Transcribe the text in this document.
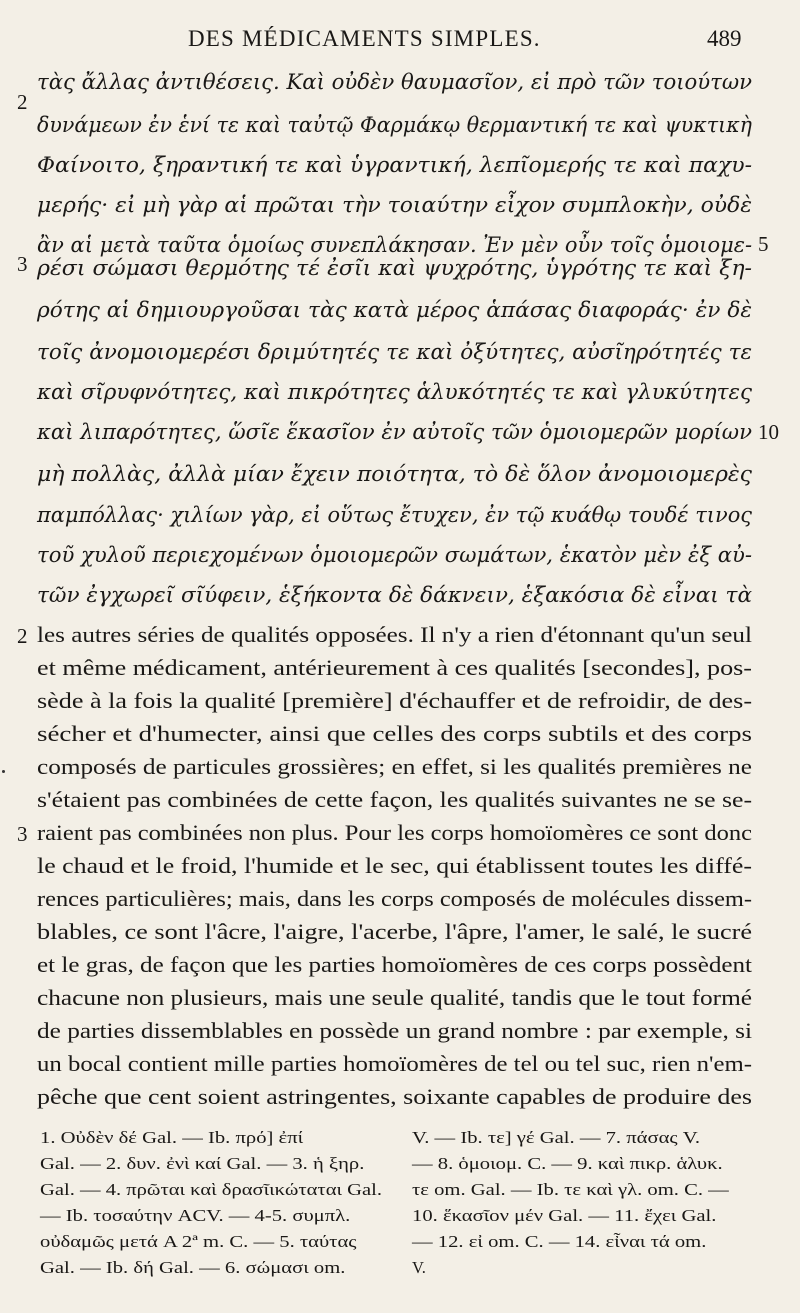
DES MÉDICAMENTS SIMPLES.	489
τὰς ἄλλας ἀντιθέσεις. Καὶ οὐδὲν θαυμασῖον, εἰ πρὸ τῶν τοιούτων
δυνάμεων ἐν ἑνί τε καὶ ταὐτῷ Φαρμάκῳ θερμαντική τε καὶ ψυκτικὴ
Φαίνοιτο, ξηραντική τε καὶ ὑγραντική, λεπῖομερής τε καὶ παχυ-
μερής· εἰ μὴ γὰρ αἱ πρῶται τὴν τοιαύτην εἶχον συμπλοκὴν, οὐδὲ
ἂν αἱ μετὰ ταῦτα ὁμοίως συνεπλάκησαν. Ἐν μὲν οὖν τοῖς ὁμοιομε-
ρέσι σώμασι θερμότης τέ ἐσῖι καὶ ψυχρότης, ὑγρότης τε καὶ ξη-
ρότης αἱ δημιουργοῦσαι τὰς κατὰ μέρος ἁπάσας διαφοράς· ἐν δὲ
τοῖς ἀνομοιομερέσι δριμύτητές τε καὶ ὀξύτητες, αὐσῖηρότητές τε
καὶ σῖρυφνότητες, καὶ πικρότητες ἁλυκότητές τε καὶ γλυκύτητες
καὶ λιπαρότητες, ὥσῖε ἕκασῖον ἐν αὐτοῖς τῶν ὁμοιομερῶν μορίων
μὴ πολλὰς, ἀλλὰ μίαν ἔχειν ποιότητα, τὸ δὲ ὅλον ἀνομοιομερὲς
παμπόλλας· χιλίων γὰρ, εἰ οὕτως ἔτυχεν, ἐν τῷ κυάθῳ τουδέ τινος
τοῦ χυλοῦ περιεχομένων ὁμοιομερῶν σωμάτων, ἑκατὸν μὲν ἐξ αὐ-
τῶν ἐγχωρεῖ σῖύφειν, ἑξήκοντα δὲ δάκνειν, ἑξακόσια δὲ εἶναι τὰ
2
3
5
10
les autres séries de qualités opposées. Il n'y a rien d'étonnant qu'un seul
et même médicament, antérieurement à ces qualités [secondes], pos-
sède à la fois la qualité [première] d'échauffer et de refroidir, de des-
sécher et d'humecter, ainsi que celles des corps subtils et des corps
composés de particules grossières; en effet, si les qualités premières ne
s'étaient pas combinées de cette façon, les qualités suivantes ne se se-
raient pas combinées non plus. Pour les corps homoïomères ce sont donc
le chaud et le froid, l'humide et le sec, qui établissent toutes les diffé-
rences particulières; mais, dans les corps composés de molécules dissem-
blables, ce sont l'âcre, l'aigre, l'acerbe, l'âpre, l'amer, le salé, le sucré
et le gras, de façon que les parties homoïomères de ces corps possèdent
chacune non plusieurs, mais une seule qualité, tandis que le tout formé
de parties dissemblables en possède un grand nombre : par exemple, si
un bocal contient mille parties homoïomères de tel ou tel suc, rien n'em-
pêche que cent soient astringentes, soixante capables de produire des
2
3
1. Οὐδὲν δέ Gal. — Ib. πρό] ἐπί
Gal. — 2. δυν. ἐνὶ καί Gal. — 3. ἡ ξηρ.
Gal. — 4. πρῶται καὶ δρασῖικώταται Gal.
— Ib. τοσαύτην ACV. — 4-5. συμπλ.
οὐδαμῶς μετά A 2ª m. C. — 5. ταύτας
Gal. — Ib. δή Gal. — 6. σώμασι om.
V. — Ib. τε] γέ Gal. — 7. πάσας V.
— 8. ὁμοιομ. C. — 9. καὶ πικρ. ἁλυκ.
τε om. Gal. — Ib. τε καὶ γλ. om. C. —
10. ἕκασῖον μέν Gal. — 11. ἔχει Gal.
— 12. εἰ om. C. — 14. εἶναι τά om.
V.
